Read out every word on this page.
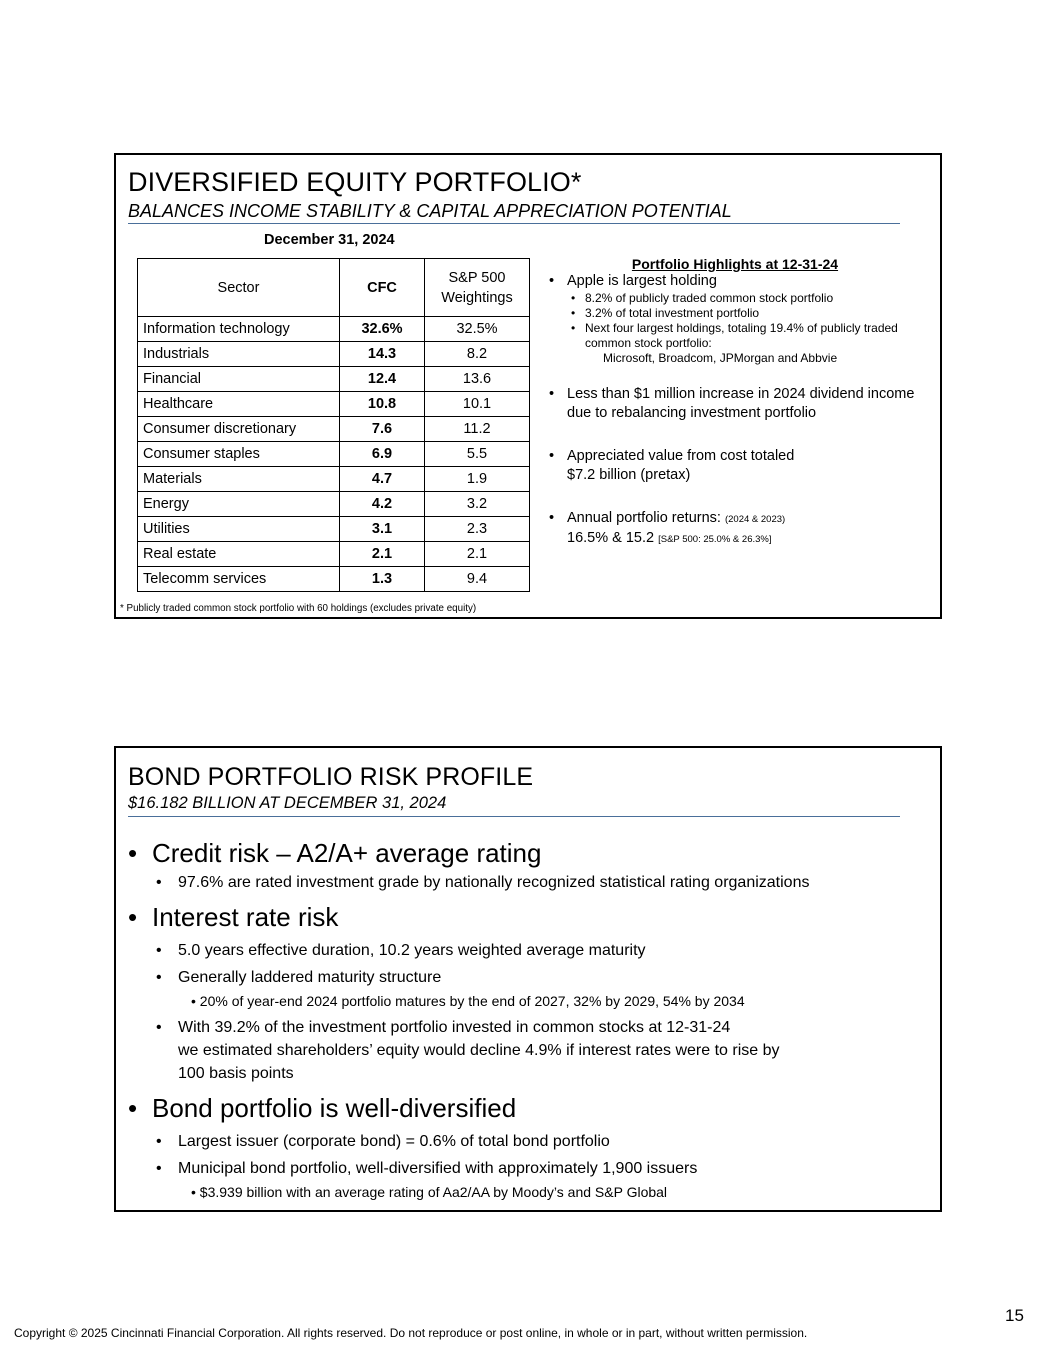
DIVERSIFIED EQUITY PORTFOLIO*
BALANCES INCOME STABILITY & CAPITAL APPRECIATION POTENTIAL
December 31, 2024
Sector	CFC	S&P 500
Weightings
Information technology	32.6%	32.5%
Industrials	14.3	8.2
Financial	12.4	13.6
Healthcare	10.8	10.1
Consumer discretionary	7.6	11.2
Consumer staples	6.9	5.5
Materials	4.7	1.9
Energy	4.2	3.2
Utilities	3.1	2.3
Real estate	2.1	2.1
Telecomm services	1.3	9.4
Portfolio Highlights at 12-31-24
• Apple is largest holding
• 8.2% of publicly traded common stock portfolio
• 3.2% of total investment portfolio
• Next four largest holdings, totaling 19.4% of publicly traded common stock portfolio:
Microsoft, Broadcom, JPMorgan and Abbvie
• Less than $1 million increase in 2024 dividend income due to rebalancing investment portfolio
• Appreciated value from cost totaled
$7.2 billion (pretax)
• Annual portfolio returns: (2024 & 2023)
16.5% & 15.2 [S&P 500: 25.0% & 26.3%]
* Publicly traded common stock portfolio with 60 holdings (excludes private equity)
BOND PORTFOLIO RISK PROFILE
$16.182 BILLION AT DECEMBER 31, 2024
• Credit risk – A2/A+ average rating
• 97.6% are rated investment grade by nationally recognized statistical rating organizations
• Interest rate risk
• 5.0 years effective duration, 10.2 years weighted average maturity
• Generally laddered maturity structure
• 20% of year-end 2024 portfolio matures by the end of 2027, 32% by 2029, 54% by 2034
• With 39.2% of the investment portfolio invested in common stocks at 12-31-24
we estimated shareholders’ equity would decline 4.9% if interest rates were to rise by
100 basis points
• Bond portfolio is well-diversified
• Largest issuer (corporate bond) = 0.6% of total bond portfolio
• Municipal bond portfolio, well-diversified with approximately 1,900 issuers
• $3.939 billion with an average rating of Aa2/AA by Moody’s and S&P Global
15
Copyright © 2025 Cincinnati Financial Corporation. All rights reserved. Do not reproduce or post online, in whole or in part, without written permission.
